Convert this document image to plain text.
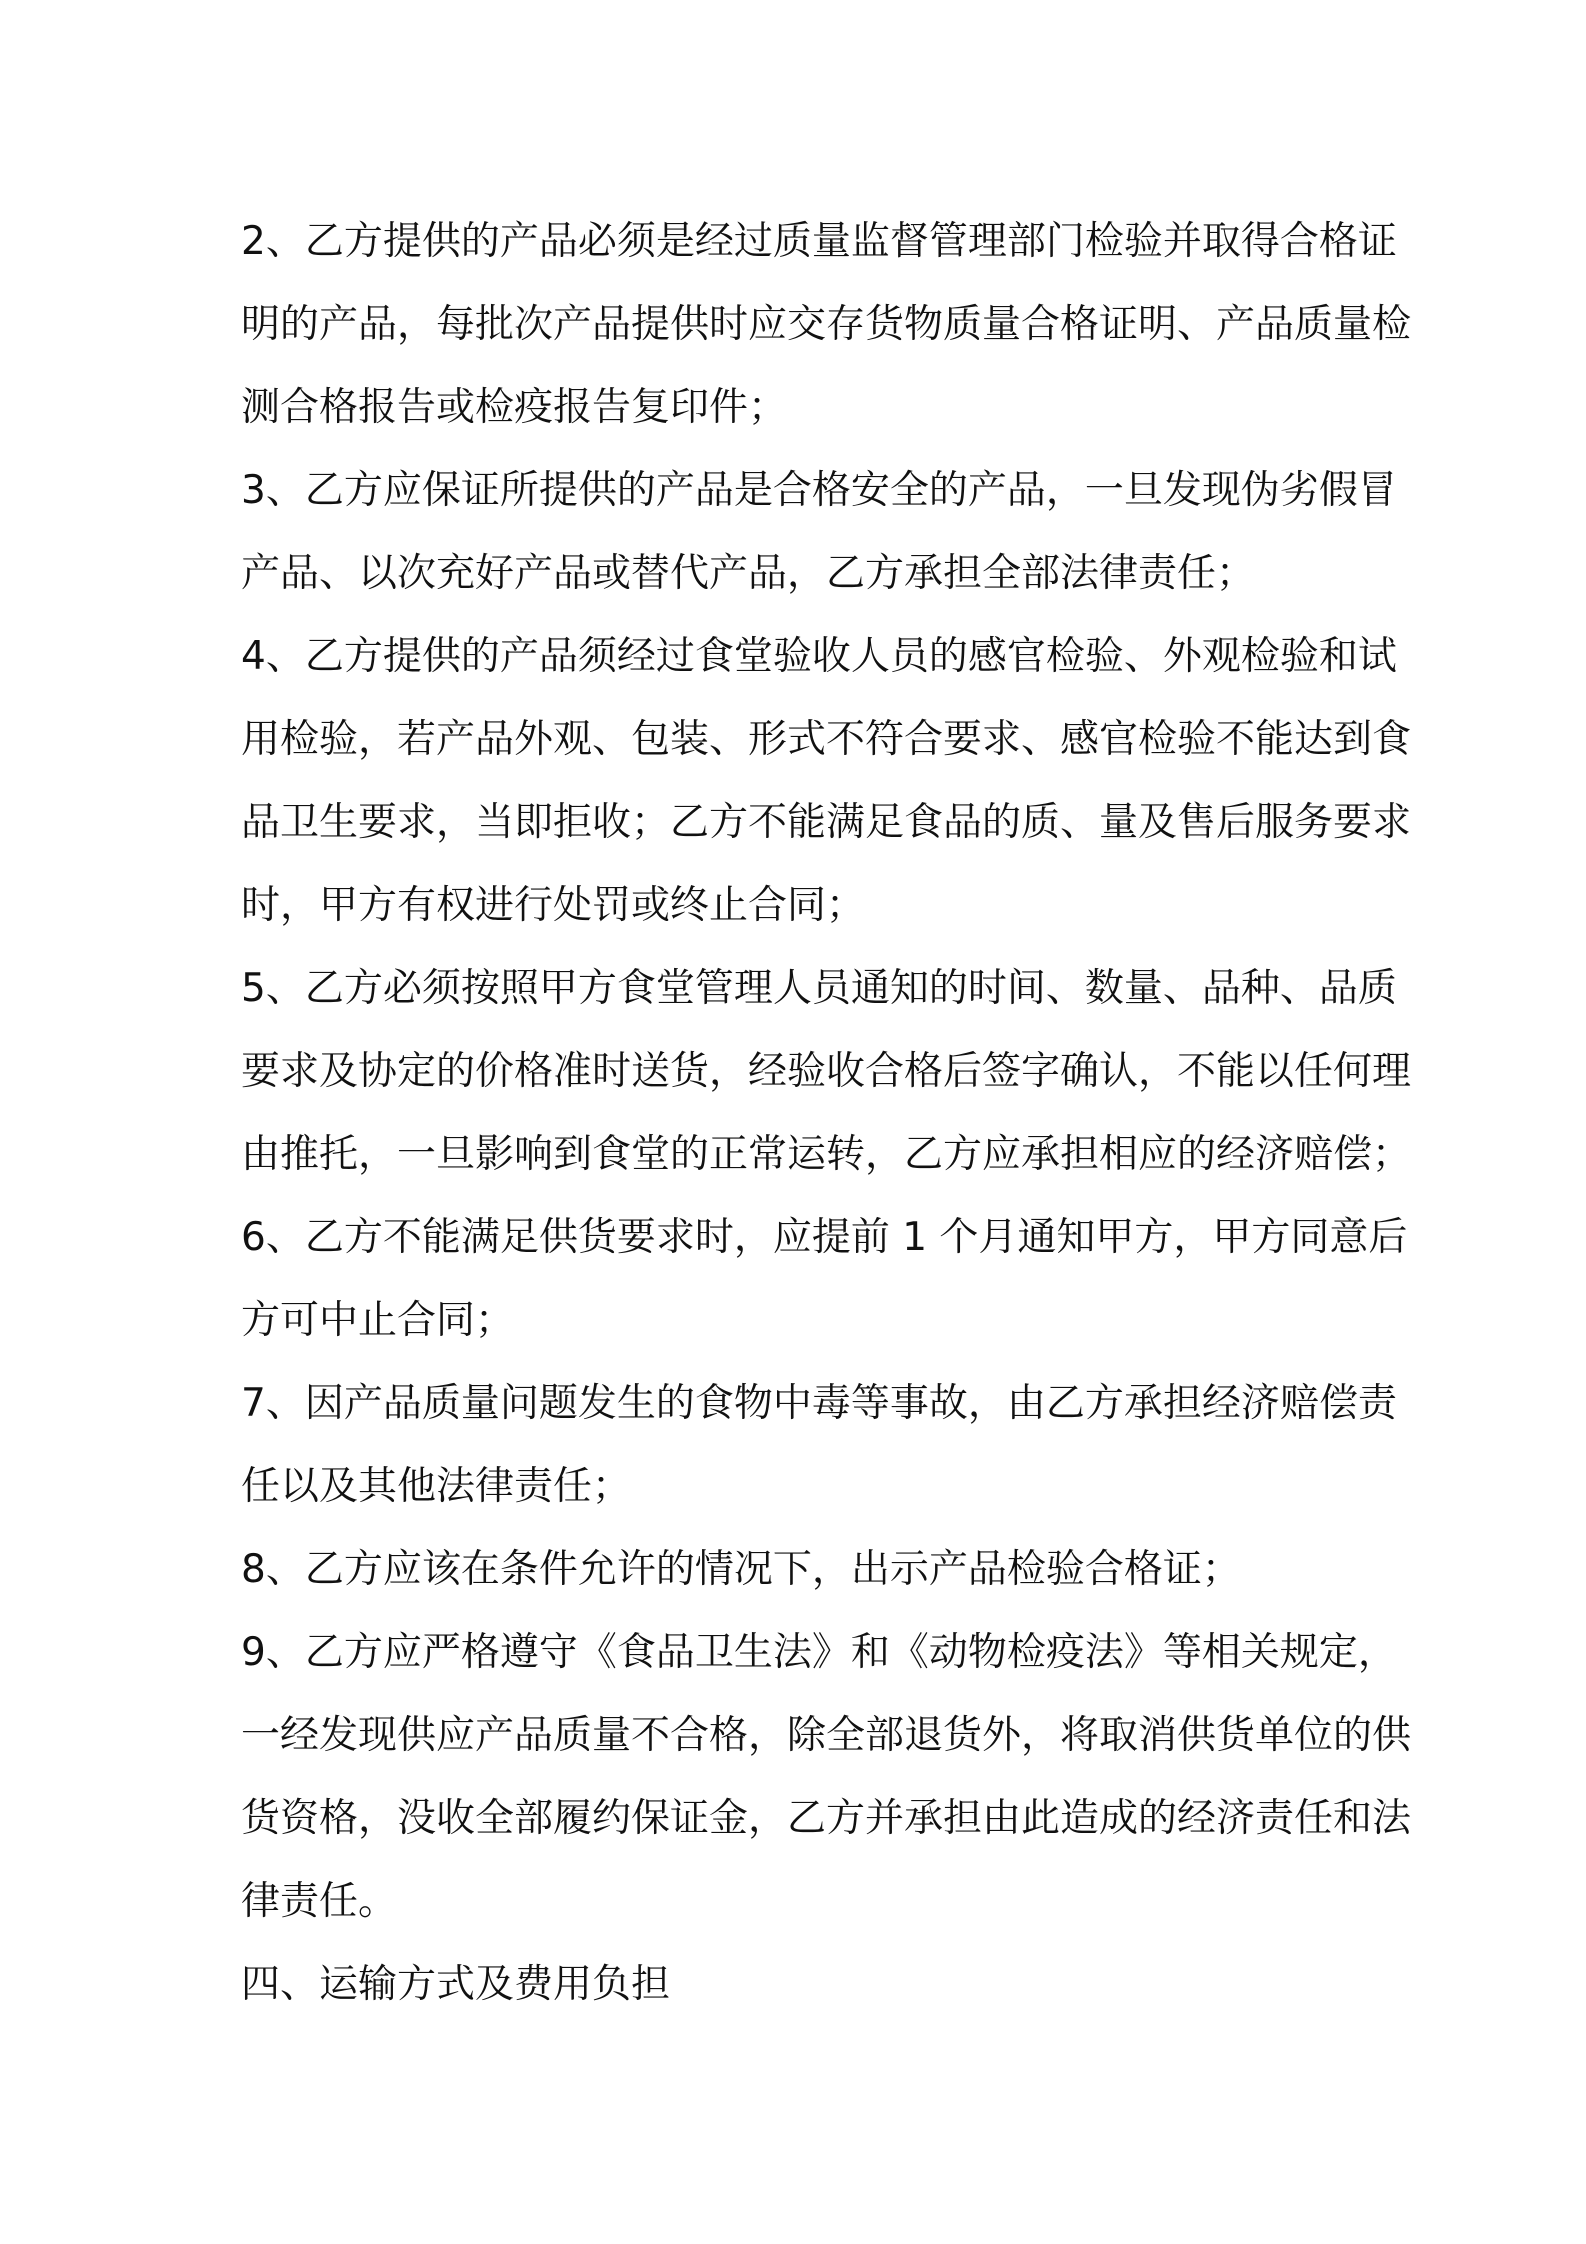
2、乙方提供的产品必须是经过质量监督管理部门检验并取得合格证
明的产品，每批次产品提供时应交存货物质量合格证明、产品质量检
测合格报告或检疫报告复印件；
3、乙方应保证所提供的产品是合格安全的产品，一旦发现伪劣假冒
产品、以次充好产品或替代产品，乙方承担全部法律责任；
4、乙方提供的产品须经过食堂验收人员的感官检验、外观检验和试
用检验，若产品外观、包装、形式不符合要求、感官检验不能达到食
品卫生要求，当即拒收；乙方不能满足食品的质、量及售后服务要求
时，甲方有权进行处罚或终止合同；
5、乙方必须按照甲方食堂管理人员通知的时间、数量、品种、品质
要求及协定的价格准时送货，经验收合格后签字确认，不能以任何理
由推托，一旦影响到食堂的正常运转，乙方应承担相应的经济赔偿；
6、乙方不能满足供货要求时，应提前 1 个月通知甲方，甲方同意后
方可中止合同；
7、因产品质量问题发生的食物中毒等事故，由乙方承担经济赔偿责
任以及其他法律责任；
8、乙方应该在条件允许的情况下，出示产品检验合格证；
9、乙方应严格遵守《食品卫生法》和《动物检疫法》等相关规定，
一经发现供应产品质量不合格，除全部退货外，将取消供货单位的供
货资格，没收全部履约保证金，乙方并承担由此造成的经济责任和法
律责任。
四、运输方式及费用负担
